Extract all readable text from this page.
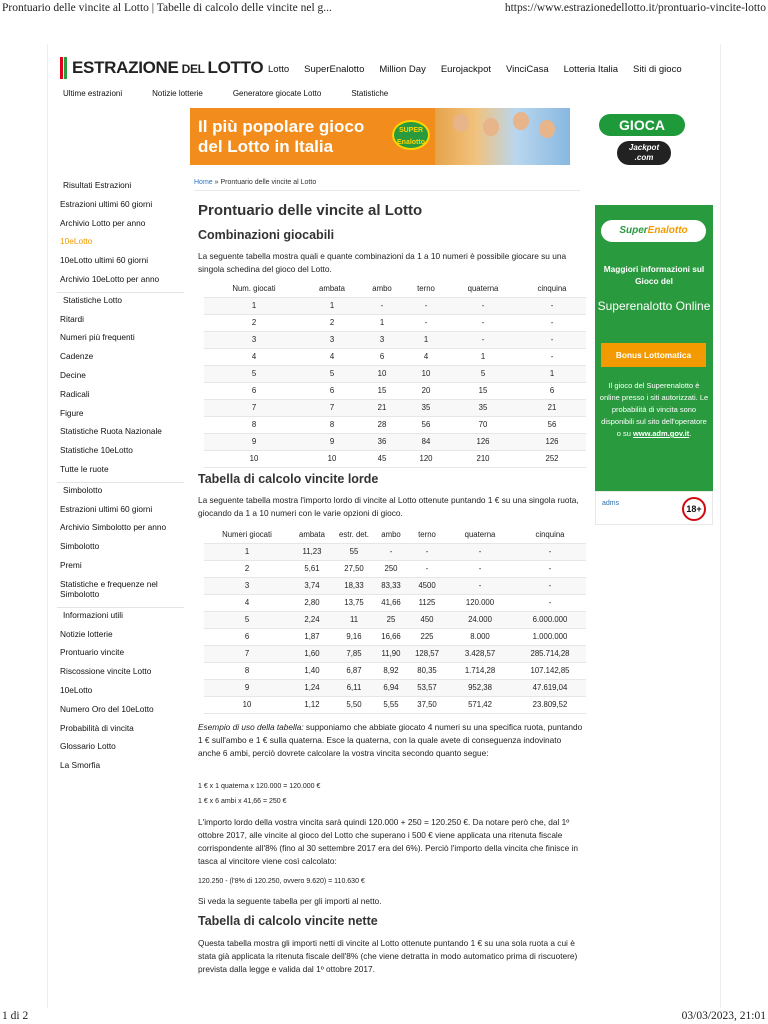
Prontuario delle vincite al Lotto | Tabelle di calcolo delle vincite nel g...	https://www.estrazionedellotto.it/prontuario-vincite-lotto
ESTRAZIONE DEL LOTTO Lotto SuperEnalotto Million Day Eurojackpot VinciCasa Lotteria Italia Siti di gioco
Ultime estrazioni	Notizie lotterie	Generatore giocate Lotto	Statistiche
Il più popolare gioco
del Lotto in Italia
SUPER
Enalotto
GIOCA
Jackpot
.com
Risultati Estrazioni
Estrazioni ultimi 60 giorni
Archivio Lotto per anno
10eLotto
10eLotto ultimi 60 giorni
Archivio 10eLotto per anno
Statistiche Lotto
Ritardi
Numeri più frequenti
Cadenze
Decine
Radicali
Figure
Statistiche Ruota Nazionale
Statistiche 10eLotto
Tutte le ruote
Simbolotto
Estrazioni ultimi 60 giorni
Archivio Simbolotto per anno
Simbolotto
Premi
Statistiche e frequenze nel
Simbolotto
Informazioni utili
Notizie lotterie
Prontuario vincite
Riscossione vincite Lotto
10eLotto
Numero Oro del 10eLotto
Probabilità di vincita
Glossario Lotto
La Smorfia
Home » Prontuario delle vincite al Lotto
Prontuario delle vincite al Lotto
Combinazioni giocabili

La seguente tabella mostra quali e quante combinazioni da 1 a 10 numeri è possibile giocare su una singola schedina del gioco del Lotto.

Num. giocati	ambata	ambo	terno	quaterna	cinquina
1	1	-	-	-	-
2	2	1	-	-	-
3	3	3	1	-	-
4	4	6	4	1	-
5	5	10	10	5	1
6	6	15	20	15	6
7	7	21	35	35	21
8	8	28	56	70	56
9	9	36	84	126	126
10	10	45	120	210	252
Tabella di calcolo vincite lorde

La seguente tabella mostra l'importo lordo di vincite al Lotto ottenute puntando 1 € su una singola ruota, giocando da 1 a 10 numeri con le varie opzioni di gioco.

Numeri giocati	ambata	estr. det.	ambo	terno	quaterna	cinquina
1	11,23	55	-	-	-	-
2	5,61	27,50	250	-	-	-
3	3,74	18,33	83,33	4500	-	-
4	2,80	13,75	41,66	1125	120.000	-
5	2,24	11	25	450	24.000	6.000.000
6	1,87	9,16	16,66	225	8.000	1.000.000
7	1,60	7,85	11,90	128,57	3.428,57	285.714,28
8	1,40	6,87	8,92	80,35	1.714,28	107.142,85
9	1,24	6,11	6,94	53,57	952,38	47.619,04
10	1,12	5,50	5,55	37,50	571,42	23.809,52

Esempio di uso della tabella: supponiamo che abbiate giocato 4 numeri su una specifica ruota, puntando 1 € sull'ambo e 1 € sulla quaterna. Esce la quaterna, con la quale avete di conseguenza indovinato anche 6 ambi, perciò dovrete calcolare la vostra vincita secondo quanto segue:

1 € x 1 quaterna x 120.000 = 120.000 €
1 € x 6 ambi x 41,66 = 250 €

L'importo lordo della vostra vincita sarà quindi 120.000 + 250 = 120.250 €. Da notare però che, dal 1º ottobre 2017, alle vincite al gioco del Lotto che superano i 500 € viene applicata una ritenuta fiscale corrispondente all'8% (fino al 30 settembre 2017 era del 6%). Perciò l'importo della vincita che finisce in tasca al vincitore viene così calcolato:

120.250 - (l'8% di 120.250, ovvero 9.620) = 110.630 €

Si veda la seguente tabella per gli importi al netto.

Tabella di calcolo vincite nette

Questa tabella mostra gli importi netti di vincite al Lotto ottenute puntando 1 € su una sola ruota a cui è stata già applicata la ritenuta fiscale dell'8% (che viene detratta in modo automatico prima di riscuotere) prevista dalla legge e valida dal 1º ottobre 2017.

SuperEnalotto
Maggiori informazioni sul Gioco del
Superenalotto Online
Bonus Lottomatica
Il gioco del Superenalotto è online presso i siti autorizzati. Le probabilità di vincita sono disponibili sul sito dell'operatore o su www.adm.gov.it.
adms
18+
1 di 2	03/03/2023, 21:01
